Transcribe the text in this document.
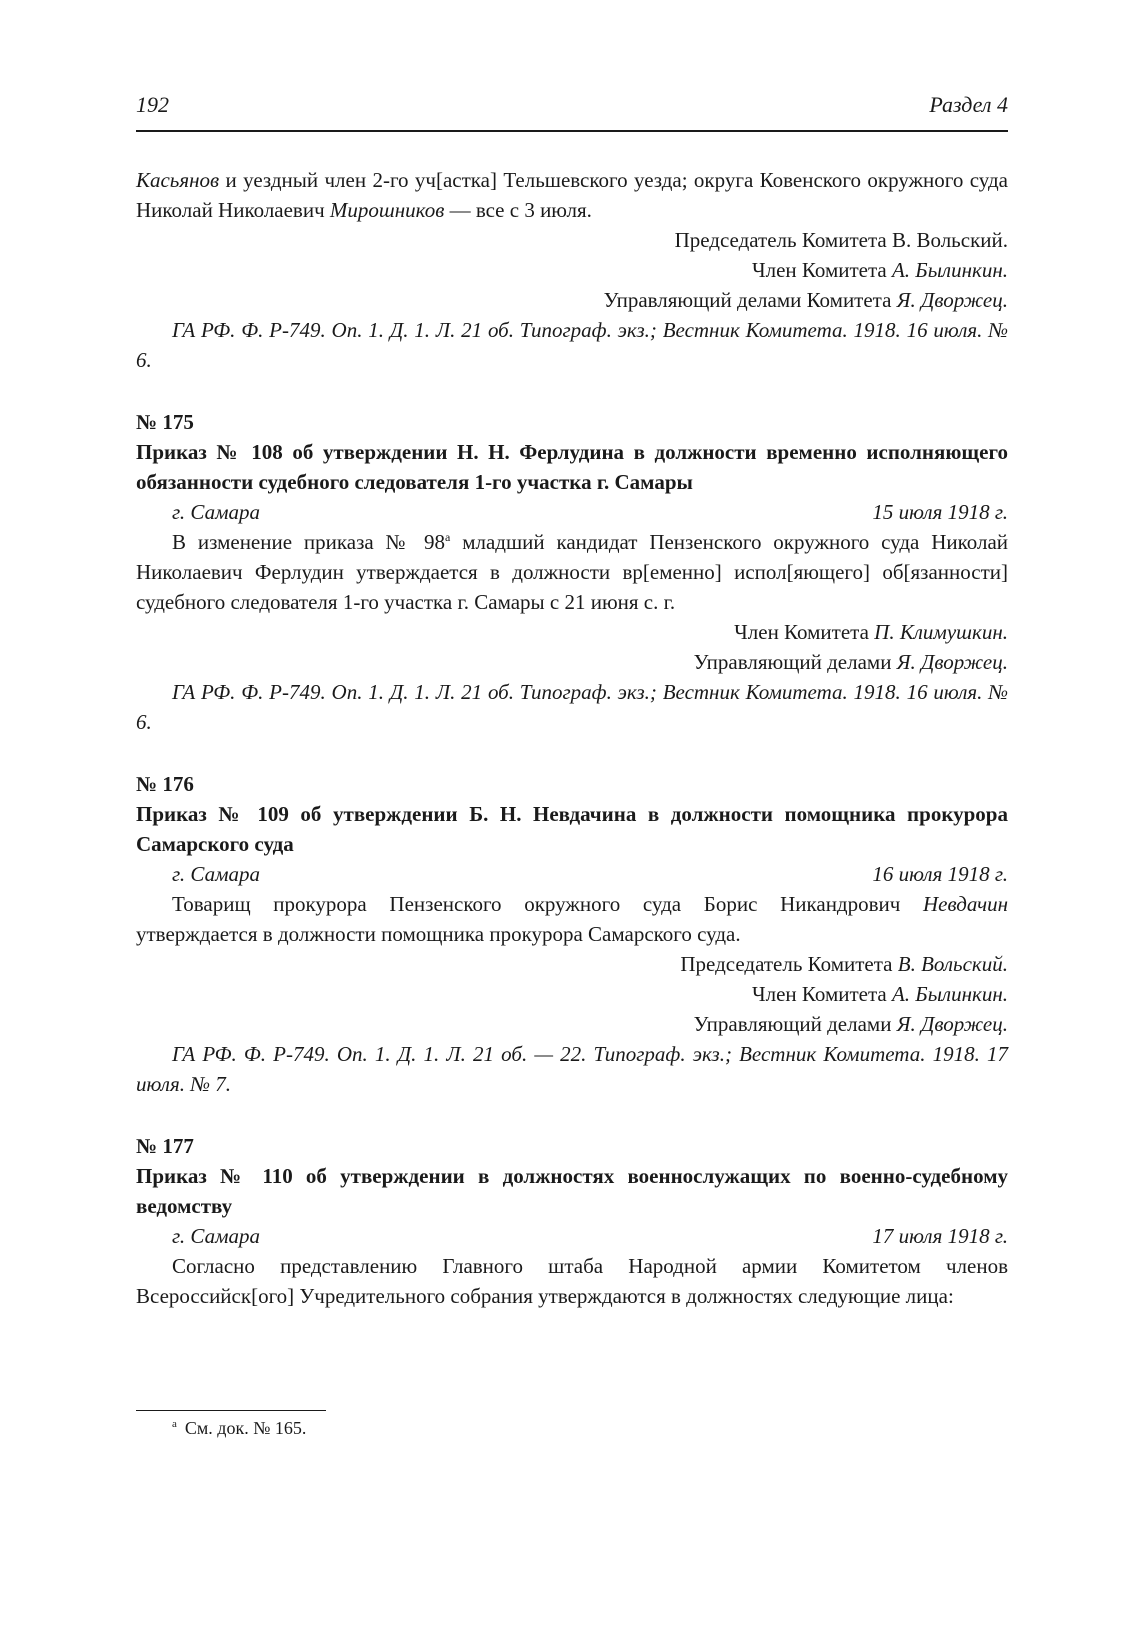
192	Раздел 4

Касьянов и уездный член 2-го уч[астка] Тельшевского уезда; округа Ковенского окружного суда Николай Николаевич Мирошников — все с 3 июля.

Председатель Комитета В. Вольский.

Член Комитета А. Былинкин.

Управляющий делами Комитета Я. Дворжец.

ГА РФ. Ф. Р-749. Оп. 1. Д. 1. Л. 21 об. Типограф. экз.; Вестник Комитета. 1918. 16 июля. № 6.

№ 175

Приказ № 108 об утверждении Н. Н. Ферлудина в должности временно исполняющего обязанности судебного следователя 1-го участка г. Самары

г. Самара	15 июля 1918 г.

В изменение приказа № $98^а$ младший кандидат Пензенского окружного суда Николай Николаевич Ферлудин утверждается в должности вр[еменно] испол[яющего] об[язанности] судебного следователя 1-го участка г. Самары с 21 июня с. г.

Член Комитета П. Климушкин.

Управляющий делами Я. Дворжец.

ГА РФ. Ф. Р-749. Оп. 1. Д. 1. Л. 21 об. Типограф. экз.; Вестник Комитета. 1918. 16 июля. № 6.

№ 176

Приказ № 109 об утверждении Б. Н. Невдачина в должности помощника прокурора Самарского суда

г. Самара	16 июля 1918 г.

Товарищ прокурора Пензенского окружного суда Борис Никандрович Невдачин утверждается в должности помощника прокурора Самарского суда.

Председатель Комитета В. Вольский.

Член Комитета А. Былинкин.

Управляющий делами Я. Дворжец.

ГА РФ. Ф. Р-749. Оп. 1. Д. 1. Л. 21 об. — 22. Типограф. экз.; Вестник Комитета. 1918. 17 июля. № 7.

№ 177

Приказ № 110 об утверждении в должностях военнослужащих по военно-судебному ведомству

г. Самара	17 июля 1918 г.

Согласно представлению Главного штаба Народной армии Комитетом членов Всероссийск[ого] Учредительного собрания утверждаются в должностях следующие лица:

$^а$ См. док. № 165.
